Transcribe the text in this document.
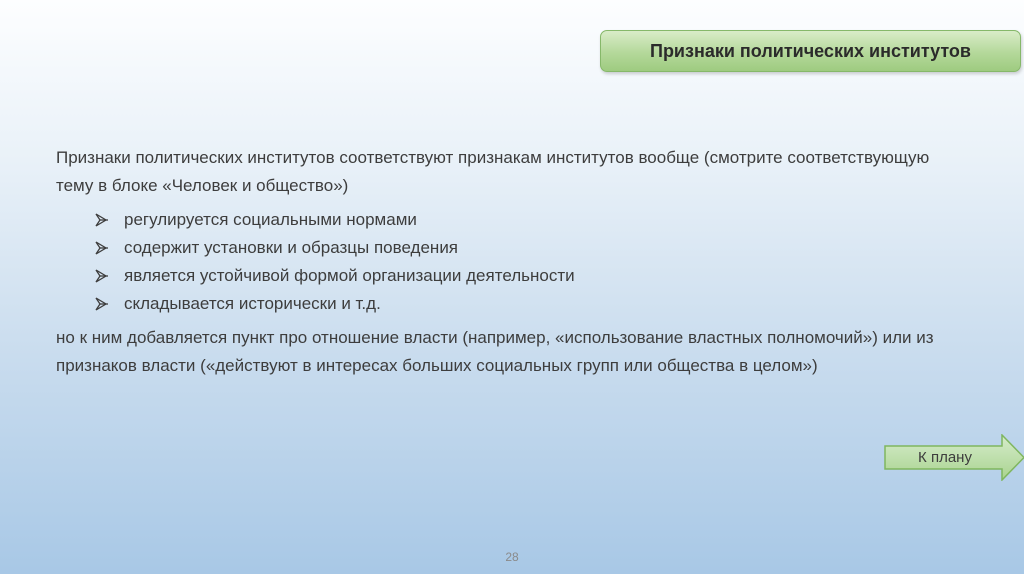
Признаки политических институтов

Признаки политических институтов соответствуют признакам институтов вообще (смотрите соответствующую тему в блоке «Человек и общество»)

регулируется социальными нормами
содержит установки и образцы поведения
является устойчивой формой организации деятельности
складывается исторически и т.д.

но к ним добавляется пункт про отношение власти (например, «использование властных полномочий») или из признаков власти («действуют в интересах больших социальных групп или общества в целом»)

К плану
28
